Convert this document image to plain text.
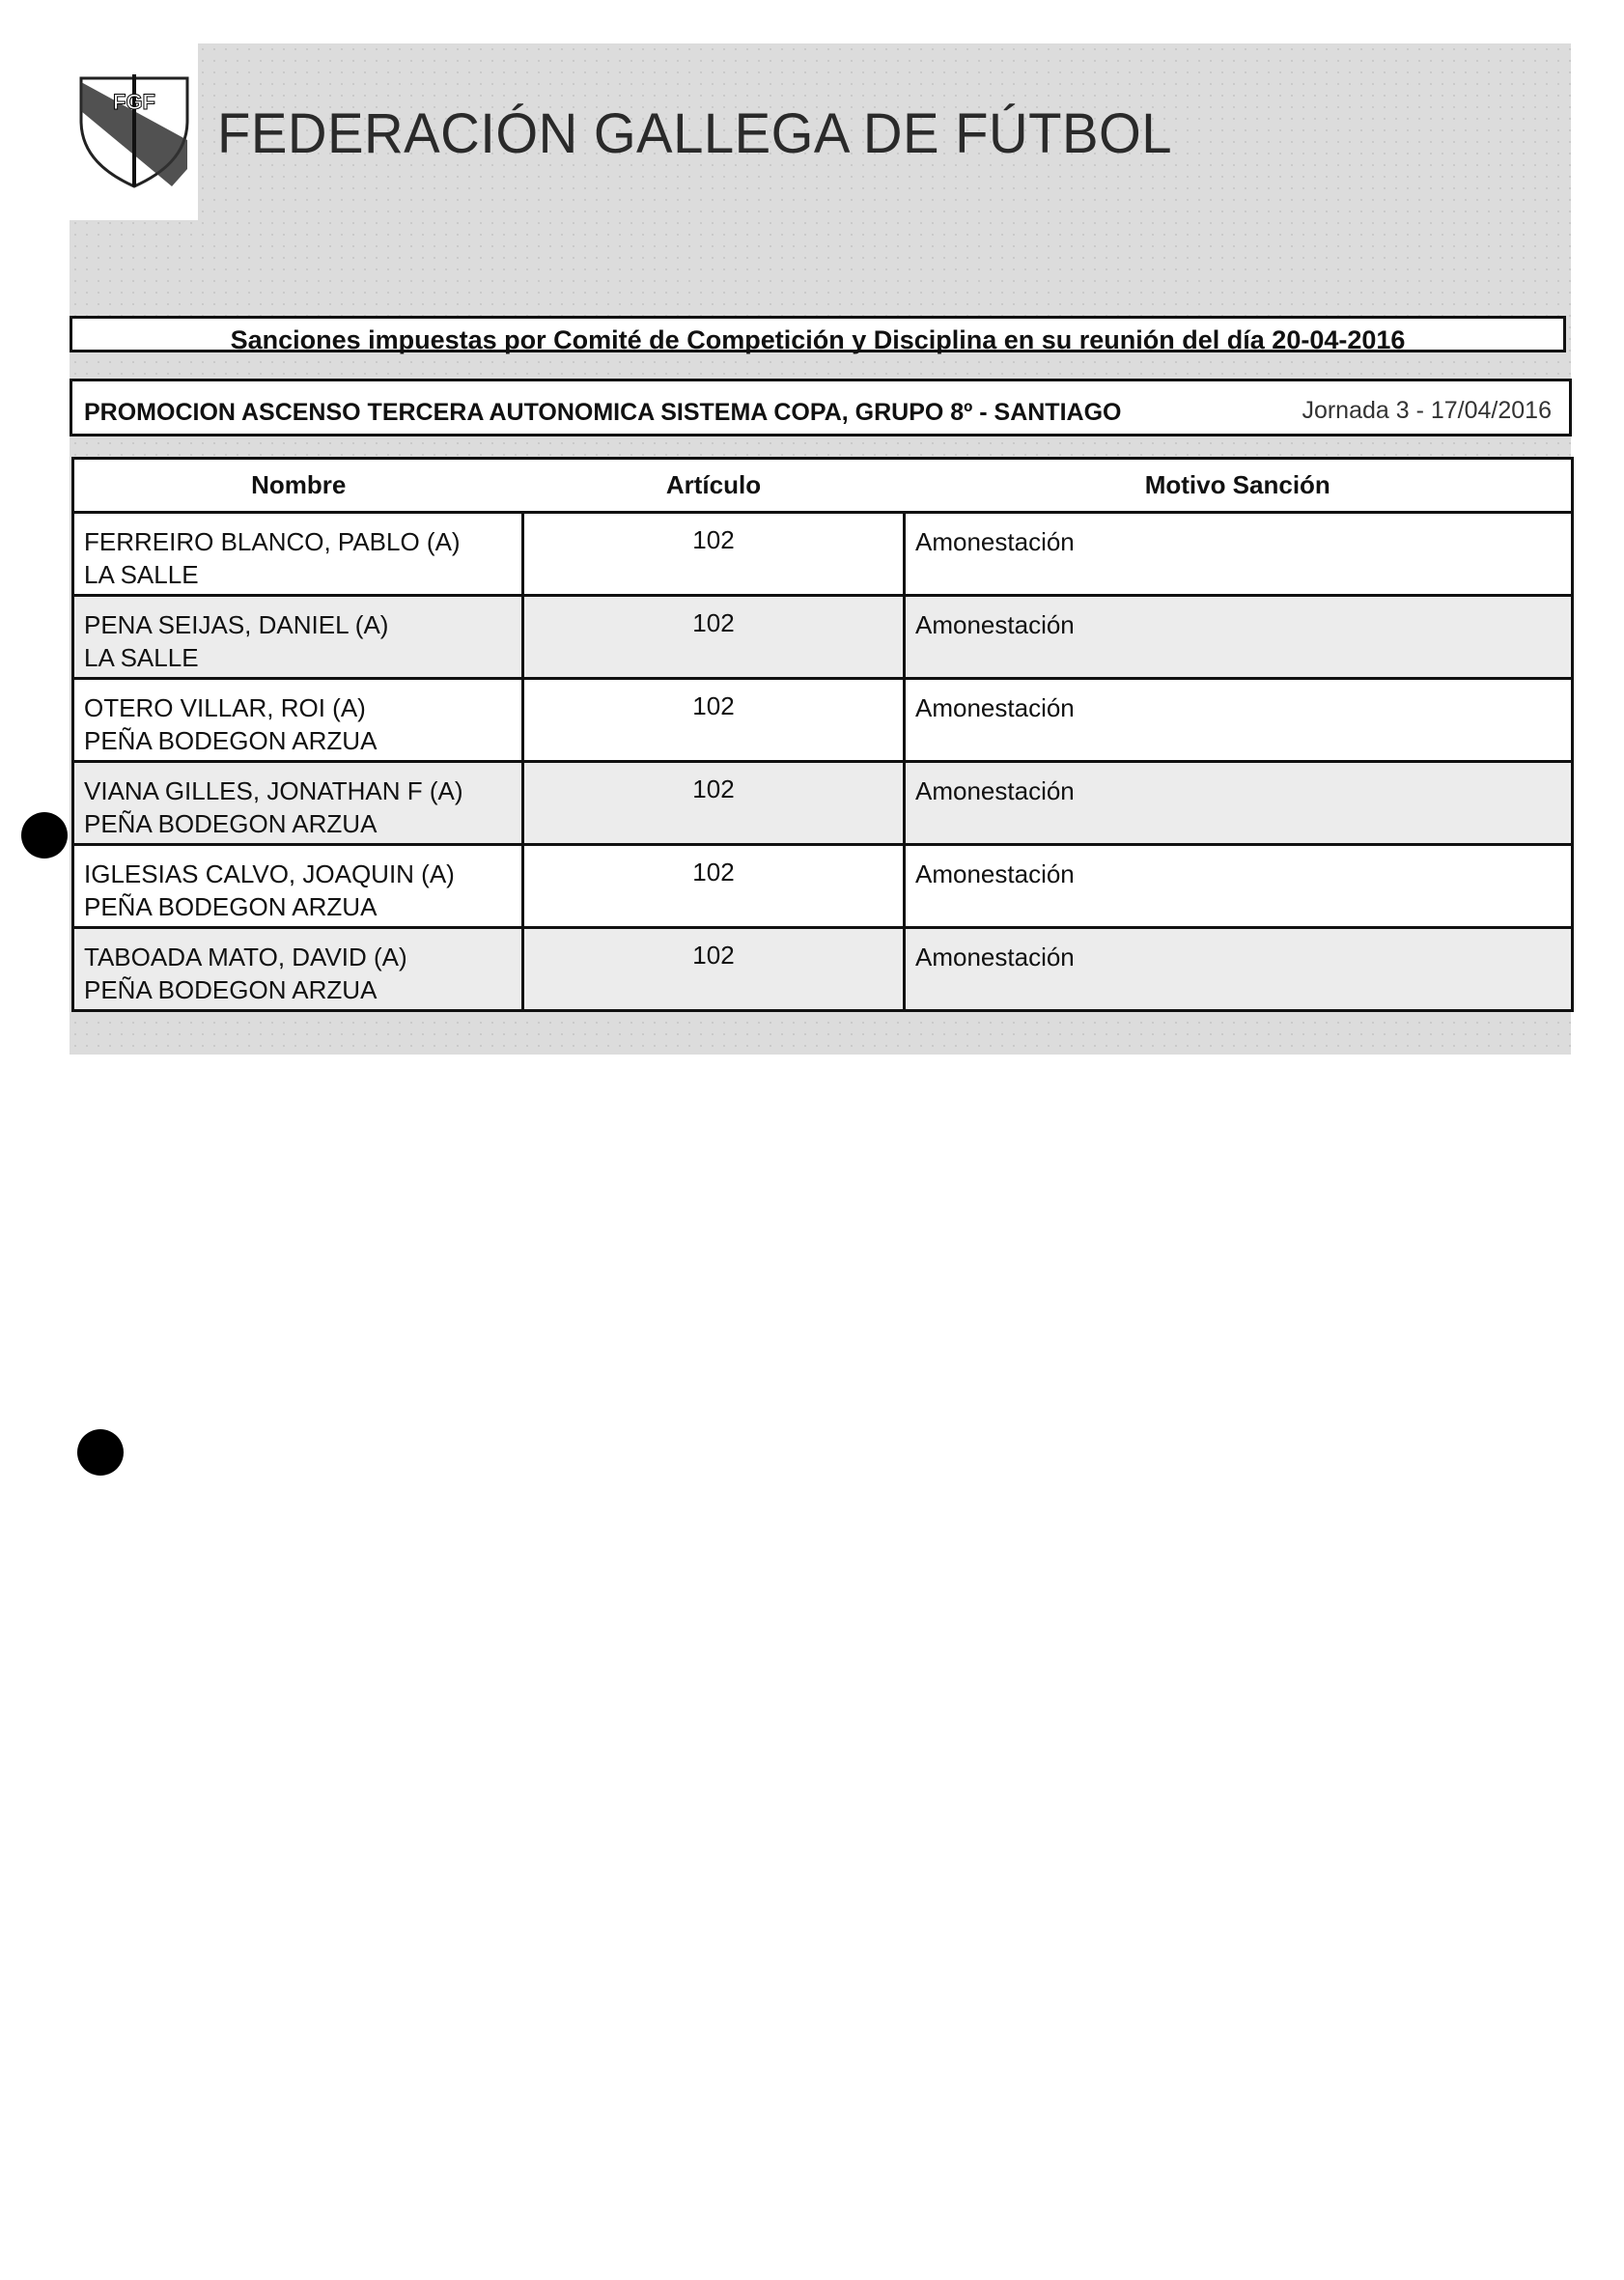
FGF
FEDERACIÓN GALLEGA DE FÚTBOL
Sanciones impuestas por Comité de Competición y Disciplina en su reunión del día 20-04-2016
PROMOCION ASCENSO TERCERA AUTONOMICA SISTEMA COPA, GRUPO 8º - SANTIAGO	Jornada 3 - 17/04/2016
Nombre	Artículo	Motivo Sanción

FERREIRO BLANCO, PABLO (A)
LA SALLE	102	Amonestación

PENA SEIJAS, DANIEL (A)
LA SALLE	102	Amonestación

OTERO VILLAR, ROI (A)
PEÑA BODEGON ARZUA	102	Amonestación

VIANA GILLES, JONATHAN F (A)
PEÑA BODEGON ARZUA	102	Amonestación

IGLESIAS CALVO, JOAQUIN (A)
PEÑA BODEGON ARZUA	102	Amonestación

TABOADA MATO, DAVID (A)
PEÑA BODEGON ARZUA	102	Amonestación
